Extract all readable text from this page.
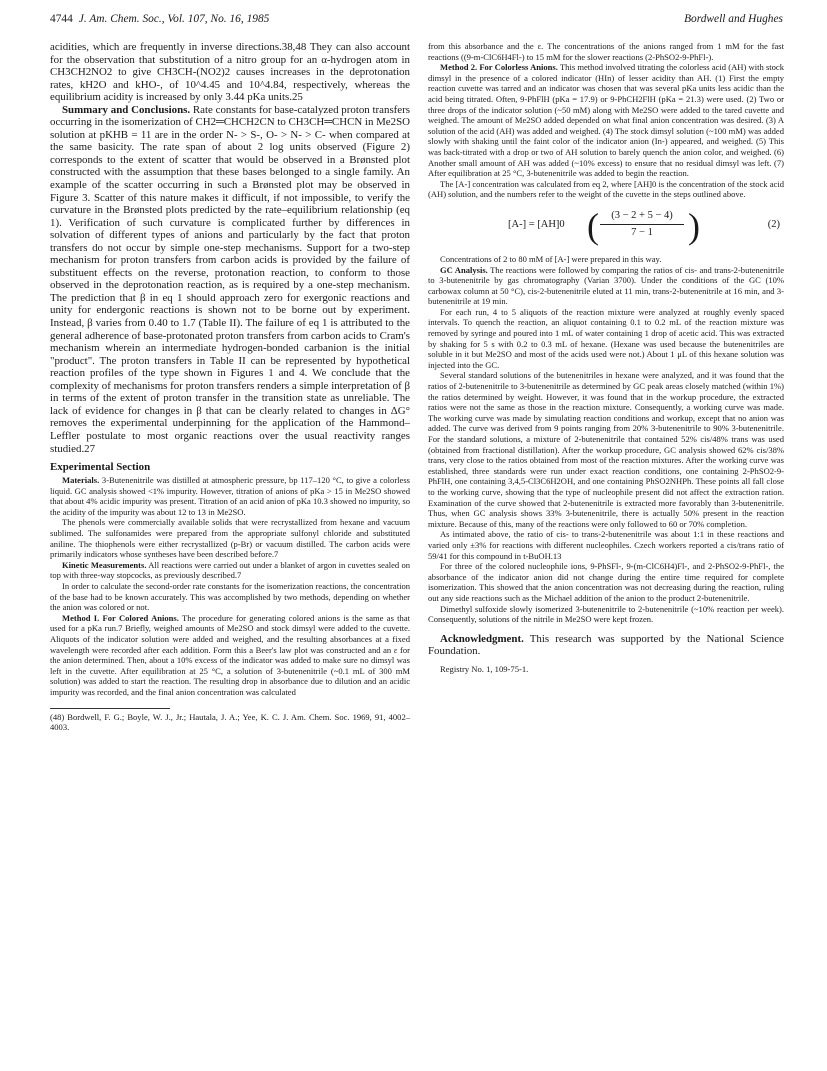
4744 J. Am. Chem. Soc., Vol. 107, No. 16, 1985	Bordwell and Hughes

acidities, which are frequently in inverse directions.38,48 They can also account for the observation that substitution of a nitro group for an α-hydrogen atom in CH3CH2NO2 to give CH3CH-(NO2)2 causes increases in the deprotonation rates, kH2O and kHO-, of 10^4.45 and 10^4.84, respectively, whereas the equilibrium acidity is increased by only 3.44 pKa units.25

Summary and Conclusions. Rate constants for base-catalyzed proton transfers occurring in the isomerization of CH2═CHCH2CN to CH3CH═CHCN in Me2SO solution at pKHB = 11 are in the order N- > S-, O- > N- > C- when compared at the same basicity. The rate span of about 2 log units observed (Figure 2) corresponds to the extent of scatter that would be observed in a Brønsted plot constructed with the assumption that these bases belonged to a single family. An example of the scatter occurring in such a Brønsted plot may be observed in Figure 3. Scatter of this nature makes it difficult, if not impossible, to verify the curvature in the Brønsted plots predicted by the rate–equilibrium relationship (eq 1). Verification of such curvature is complicated further by differences in solvation of different types of anions and particularly by the fact that proton transfers do not occur by simple one-step mechanisms. Support for a two-step mechanism for proton transfers from carbon acids is provided by the failure of substituent effects on the reverse, protonation reaction, to conform to those observed in the deprotonation reaction, as is required by a one-step mechanism. The prediction that β in eq 1 should approach zero for exergonic reactions and unity for endergonic reactions is shown not to be borne out by experiment. Instead, β varies from 0.40 to 1.7 (Table II). The failure of eq 1 is attributed to the general adherence of base-protonated proton transfers from carbon acids to Cram's mechanism wherein an intermediate hydrogen-bonded carbanion is the initial "product". The proton transfers in Table II can be represented by hypothetical reaction profiles of the type shown in Figures 1 and 4. We conclude that the complexity of mechanisms for proton transfers renders a simple interpretation of β in terms of the extent of proton transfer in the transition state as unreliable. The lack of evidence for changes in β that can be clearly related to changes in ΔG° removes the experimental underpinning for the application of the Hammond–Leffler postulate to most organic reactions over the usual reactivity ranges studied.27

Experimental Section

Materials. 3-Butenenitrile was distilled at atmospheric pressure, bp 117–120 °C, to give a colorless liquid. GC analysis showed <1% impurity. However, titration of anions of pKa > 15 in Me2SO showed that about 4% acidic impurity was present. Titration of an acid anion of pKa 10.3 showed no impurity, so the acidity of the impurity was about 12 to 13 in Me2SO.

The phenols were commercially available solids that were recrystallized from hexane and vacuum sublimed. The sulfonamides were prepared from the appropriate sulfonyl chloride and substituted aniline. The thiophenols were either recrystallized (p-Br) or vacuum distilled. The carbon acids were primarily indicators whose syntheses have been described before.7

Kinetic Measurements. All reactions were carried out under a blanket of argon in cuvettes sealed on top with three-way stopcocks, as previously described.7

In order to calculate the second-order rate constants for the isomerization reactions, the concentration of the base had to be known accurately. This was accomplished by two methods, depending on whether the anion was colored or not.

Method I. For Colored Anions. The procedure for generating colored anions is the same as that used for a pKa run.7 Briefly, weighed amounts of Me2SO and stock dimsyl were added to the cuvette. Aliquots of the indicator solution were added and weighed, and the resulting absorbances at a fixed wavelength were recorded after each addition. Form this a Beer's law plot was constructed and an ε for the anion determined. Then, about a 10% excess of the indicator was added to make sure no dimsyl was left in the cuvette. After equilibration at 25 °C, a solution of 3-butenenitrile (~0.1 mL of 300 mM solution) was added to start the reaction. The resulting drop in absorbance due to dilution and an acidic impurity was recorded, and the final anion concentration was calculated

(48) Bordwell, F. G.; Boyle, W. J., Jr.; Hautala, J. A.; Yee, K. C. J. Am. Chem. Soc. 1969, 91, 4002–4003.

from this absorbance and the ε. The concentrations of the anions ranged from 1 mM for the fast reactions ((9-m-ClC6H4Fl-) to 15 mM for the slower reactions (2-PhSO2-9-PhFl-).

Method 2. For Colorless Anions. This method involved titrating the colorless acid (AH) with stock dimsyl in the presence of a colored indicator (HIn) of lesser acidity than AH. (1) First the empty reaction cuvette was tarred and an indicator was chosen that was several pKa units less acidic than the acid being titrated. Often, 9-PhFlH (pKa = 17.9) or 9-PhCH2FlH (pKa = 21.3) were used. (2) Two or three drops of the indicator solution (~50 mM) along with Me2SO were added to the tared cuvette and weighed. The amount of Me2SO added depended on what final anion concentration was desired. (3) A solution of the acid (AH) was added and weighed. (4) The stock dimsyl solution (~100 mM) was added slowly with shaking until the faint color of the indicator anion (In-) appeared, and weighed. (5) This was back-titrated with a drop or two of AH solution to barely quench the anion color, and weighed. (6) Another small amount of AH was added (~10% excess) to ensure that no residual dimsyl was left. (7) After equilibration at 25 °C, 3-butenenitrile was added to begin the reaction.

The [A-] concentration was calculated from eq 2, where [AH]0 is the concentration of the stock acid (AH) solution, and the numbers refer to the weight of the cuvette in the steps outlined above.

[A-] = [AH]0 (	(3 − 2 + 5 − 4)
7 − 1 )	(2)

Concentrations of 2 to 80 mM of [A-] were prepared in this way.

GC Analysis. The reactions were followed by comparing the ratios of cis- and trans-2-butenenitrile to 3-butenenitrile by gas chromatography (Varian 3700). Under the conditions of the GC (10% carbowax column at 50 °C), cis-2-butenenitrile eluted at 11 min, trans-2-butenenitrile at 16 min, and 3-butenenitrile at 19 min.

For each run, 4 to 5 aliquots of the reaction mixture were analyzed at roughly evenly spaced intervals. To quench the reaction, an aliquot containing 0.1 to 0.2 mL of the reaction mixture was removed by syringe and poured into 1 mL of water containing 1 drop of acetic acid. This was extracted by shaking for 5 s with 0.2 to 0.3 mL of hexane. (Hexane was used because the butenenitriles are soluble in it but Me2SO and most of the acids used were not.) About 1 μL of this hexane solution was injected into the GC.

Several standard solutions of the butenenitriles in hexane were analyzed, and it was found that the ratios of 2-butenenitrile to 3-butenenitrile as determined by GC peak areas closely matched (within 1%) the ratios determined by weight. However, it was found that in the workup procedure, the extracted ratios were not the same as those in the reaction mixture. Consequently, a working curve was made. The working curve was made by simulating reaction conditions and workup, except that no anion was added. The curve was derived from 9 points ranging from 20% 3-butenenitrile to 90% 3-butenenitrile. For the standard solutions, a mixture of 2-butenenitrile that contained 52% cis/48% trans was used (obtained from fractional distillation). After the workup procedure, GC analysis showed 62% cis/38% trans, very close to the ratios obtained from most of the reaction mixtures. After the working curve was established, three standards were run under exact reaction conditions, one containing 2-PhSO2-9-PhFlH, one containing 3,4,5-Cl3C6H2OH, and one containing PhSO2NHPh. These points all fall close to the working curve, showing that the type of nucleophile present did not affect the extraction ration. Examination of the curve showed that 2-butenenitrile is extracted more favorably than 3-butenenitrile. Thus, when GC analysis shows 33% 3-butenenitrile, there is actually 50% present in the reaction mixture. Because of this, many of the reactions were only followed to 60 or 70% completion.

As intimated above, the ratio of cis- to trans-2-butenenitrile was about 1:1 in these reactions and varied only ±3% for reactions with different nucleophiles. Czech workers reported a cis/trans ratio of 59/41 for this compound in t-BuOH.13

For three of the colored nucleophile ions, 9-PhSFl-, 9-(m-ClC6H4)Fl-, and 2-PhSO2-9-PhFl-, the absorbance of the indicator anion did not change during the entire time required for complete isomerization. This showed that the anion concentration was not decreasing during the reaction, ruling out any side reactions such as the Michael addition of the anion to the product 2-butenenitrile.

Dimethyl sulfoxide slowly isomerized 3-butenenitrile to 2-butenenitrile (~10% reaction per week). Consequently, solutions of the nitrile in Me2SO were kept frozen.

Acknowledgment. This research was supported by the National Science Foundation.

Registry No. 1, 109-75-1.
